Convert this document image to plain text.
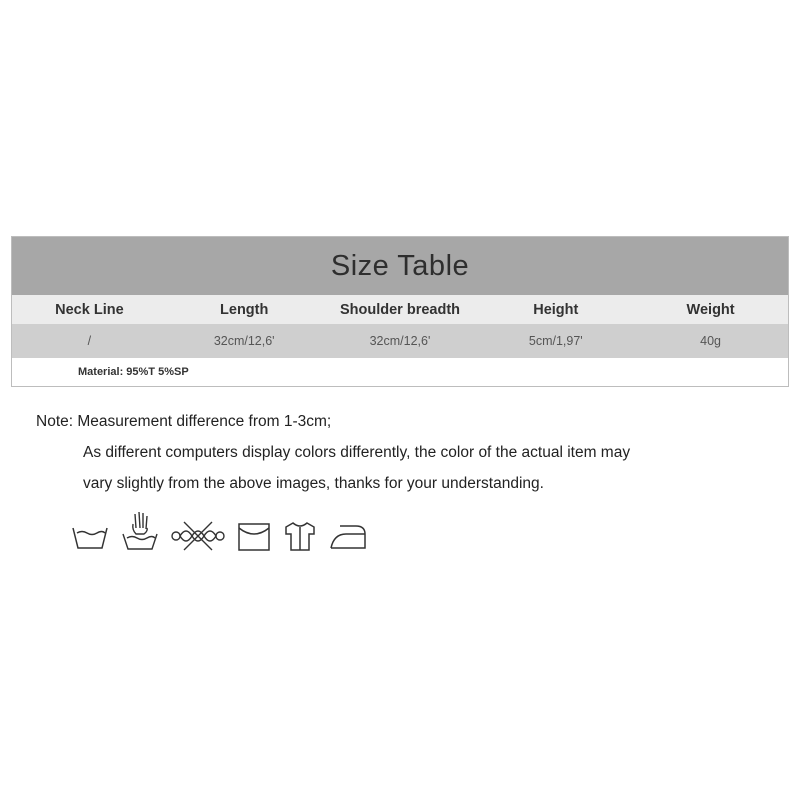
Size Table
Neck Line	Length	Shoulder breadth	Height	Weight
/	32cm/12,6'	32cm/12,6'	5cm/1,97'	40g
Material: 95%T 5%SP
Note: Measurement difference from 1-3cm;
As different computers display colors differently, the color of the actual item may
vary slightly from the above images, thanks for your understanding.
